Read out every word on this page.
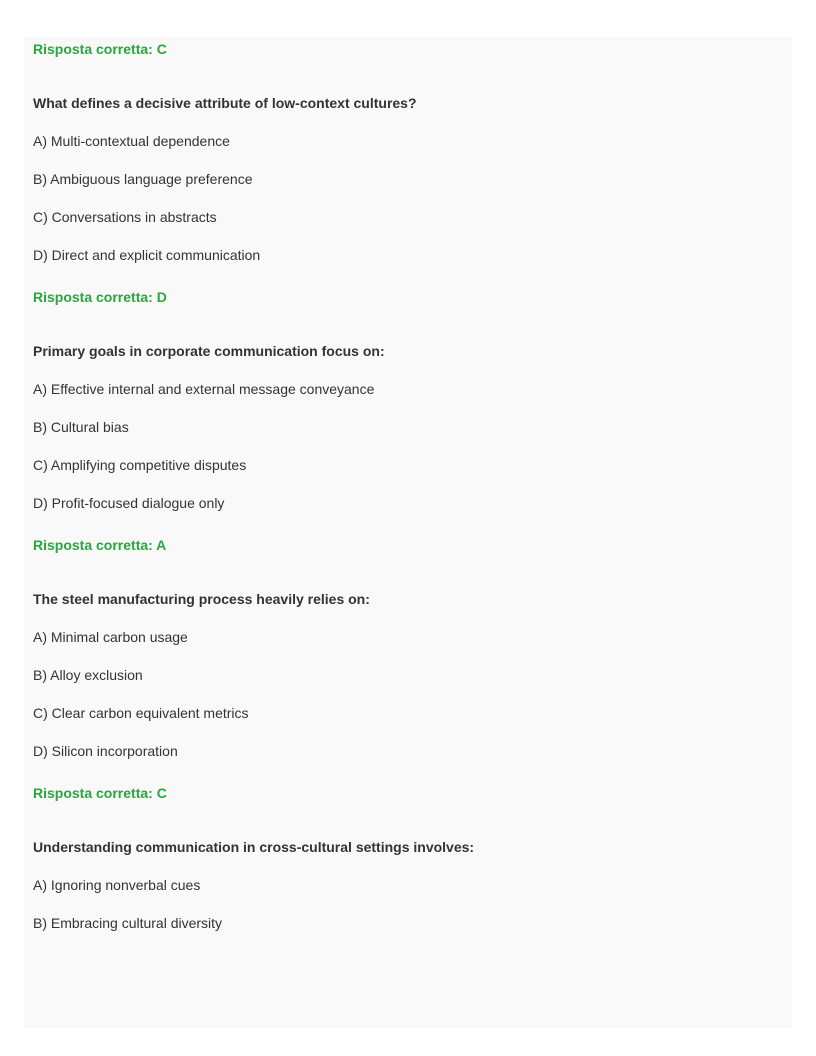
Risposta corretta: C

What defines a decisive attribute of low-context cultures?

A) Multi-contextual dependence

B) Ambiguous language preference

C) Conversations in abstracts

D) Direct and explicit communication

Risposta corretta: D

Primary goals in corporate communication focus on:

A) Effective internal and external message conveyance

B) Cultural bias

C) Amplifying competitive disputes

D) Profit-focused dialogue only

Risposta corretta: A

The steel manufacturing process heavily relies on:

A) Minimal carbon usage

B) Alloy exclusion

C) Clear carbon equivalent metrics

D) Silicon incorporation

Risposta corretta: C

Understanding communication in cross-cultural settings involves:

A) Ignoring nonverbal cues

B) Embracing cultural diversity
